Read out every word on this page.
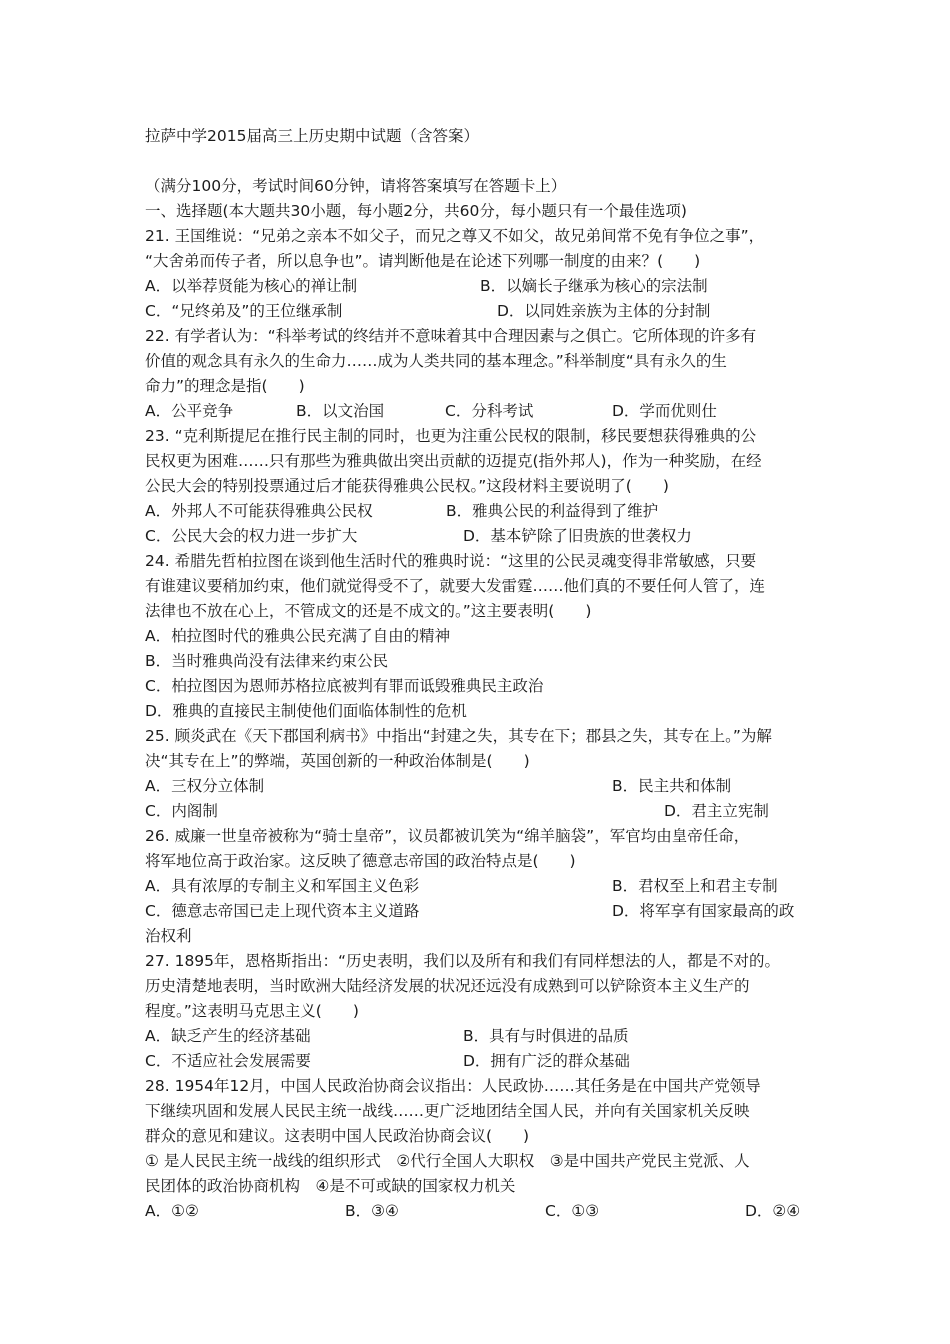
拉萨中学2015届高三上历史期中试题（含答案）
（满分100分，考试时间60分钟，请将答案填写在答题卡上）
一、选择题(本大题共30小题，每小题2分，共60分，每小题只有一个最佳选项)
21. 王国维说：“兄弟之亲本不如父子，而兄之尊又不如父，故兄弟间常不免有争位之事”，
“大舍弟而传子者，所以息争也”。请判断他是在论述下列哪一制度的由来？(　　)
A．以举荐贤能为核心的禅让制	B．以嫡长子继承为核心的宗法制
C．“兄终弟及”的王位继承制	D．以同姓亲族为主体的分封制
22. 有学者认为：“科举考试的终结并不意味着其中合理因素与之俱亡。它所体现的许多有
价值的观念具有永久的生命力……成为人类共同的基本理念。”科举制度“具有永久的生
命力”的理念是指(　　)
A．公平竞争	B．以文治国	C．分科考试	D．学而优则仕
23. “克利斯提尼在推行民主制的同时，也更为注重公民权的限制，移民要想获得雅典的公
民权更为困难……只有那些为雅典做出突出贡献的迈提克(指外邦人)，作为一种奖励，在经
公民大会的特别投票通过后才能获得雅典公民权。”这段材料主要说明了(　　)
A．外邦人不可能获得雅典公民权	B．雅典公民的利益得到了维护
C．公民大会的权力进一步扩大	D．基本铲除了旧贵族的世袭权力
24. 希腊先哲柏拉图在谈到他生活时代的雅典时说：“这里的公民灵魂变得非常敏感，只要
有谁建议要稍加约束，他们就觉得受不了，就要大发雷霆……他们真的不要任何人管了，连
法律也不放在心上，不管成文的还是不成文的。”这主要表明(　　)
A．柏拉图时代的雅典公民充满了自由的精神
B．当时雅典尚没有法律来约束公民
C．柏拉图因为恩师苏格拉底被判有罪而诋毁雅典民主政治
D．雅典的直接民主制使他们面临体制性的危机
25. 顾炎武在《天下郡国利病书》中指出“封建之失，其专在下；郡县之失，其专在上。”为解
决“其专在上”的弊端，英国创新的一种政治体制是(　　)
A．三权分立体制	B．民主共和体制
C．内阁制	D．君主立宪制
26. 威廉一世皇帝被称为“骑士皇帝”，议员都被讥笑为“绵羊脑袋”，军官均由皇帝任命，
将军地位高于政治家。这反映了德意志帝国的政治特点是(　　)
A．具有浓厚的专制主义和军国主义色彩	B．君权至上和君主专制
C．德意志帝国已走上现代资本主义道路	D．将军享有国家最高的政
治权利
27. 1895年，恩格斯指出：“历史表明，我们以及所有和我们有同样想法的人，都是不对的。
历史清楚地表明，当时欧洲大陆经济发展的状况还远没有成熟到可以铲除资本主义生产的
程度。”这表明马克思主义(　　)
A．缺乏产生的经济基础	B．具有与时俱进的品质
C．不适应社会发展需要	D．拥有广泛的群众基础
28. 1954年12月，中国人民政治协商会议指出：人民政协……其任务是在中国共产党领导
下继续巩固和发展人民民主统一战线……更广泛地团结全国人民，并向有关国家机关反映
群众的意见和建议。这表明中国人民政治协商会议(　　)
① 是人民民主统一战线的组织形式　②代行全国人大职权　③是中国共产党民主党派、人
民团体的政治协商机构　④是不可或缺的国家权力机关
A．①②	B．③④	C．①③	D．②④
